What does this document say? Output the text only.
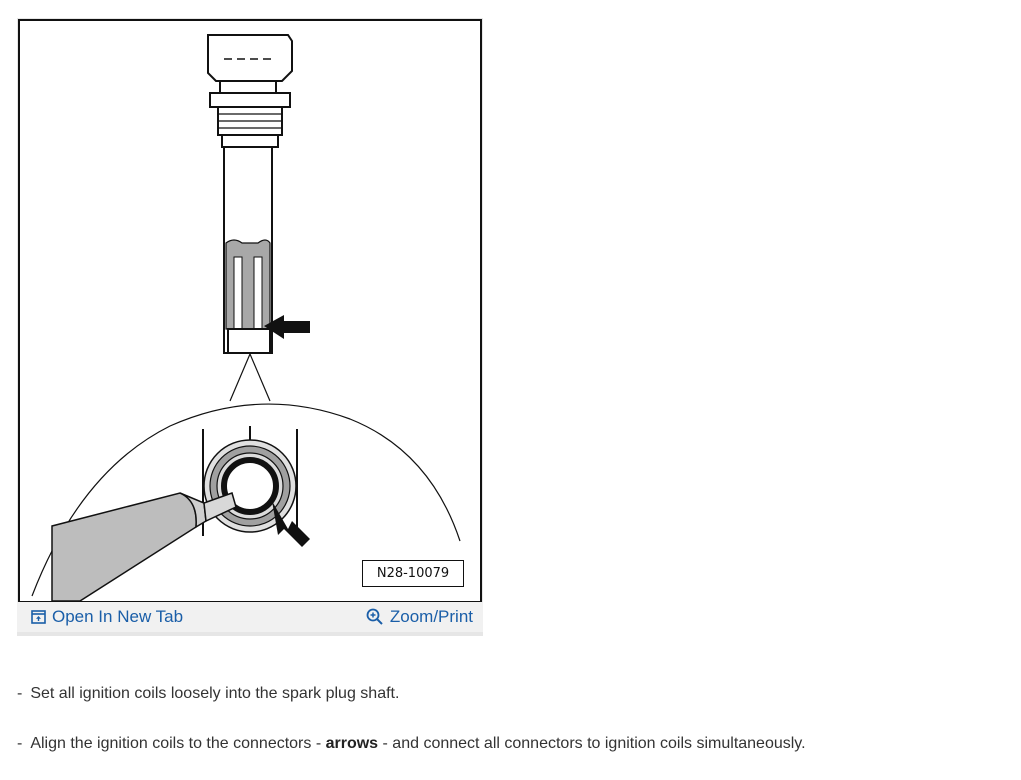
N28-10079
Open In New Tab	Zoom/Print
- Set all ignition coils loosely into the spark plug shaft.
- Align the ignition coils to the connectors - arrows - and connect all connectors to ignition coils simultaneously.
